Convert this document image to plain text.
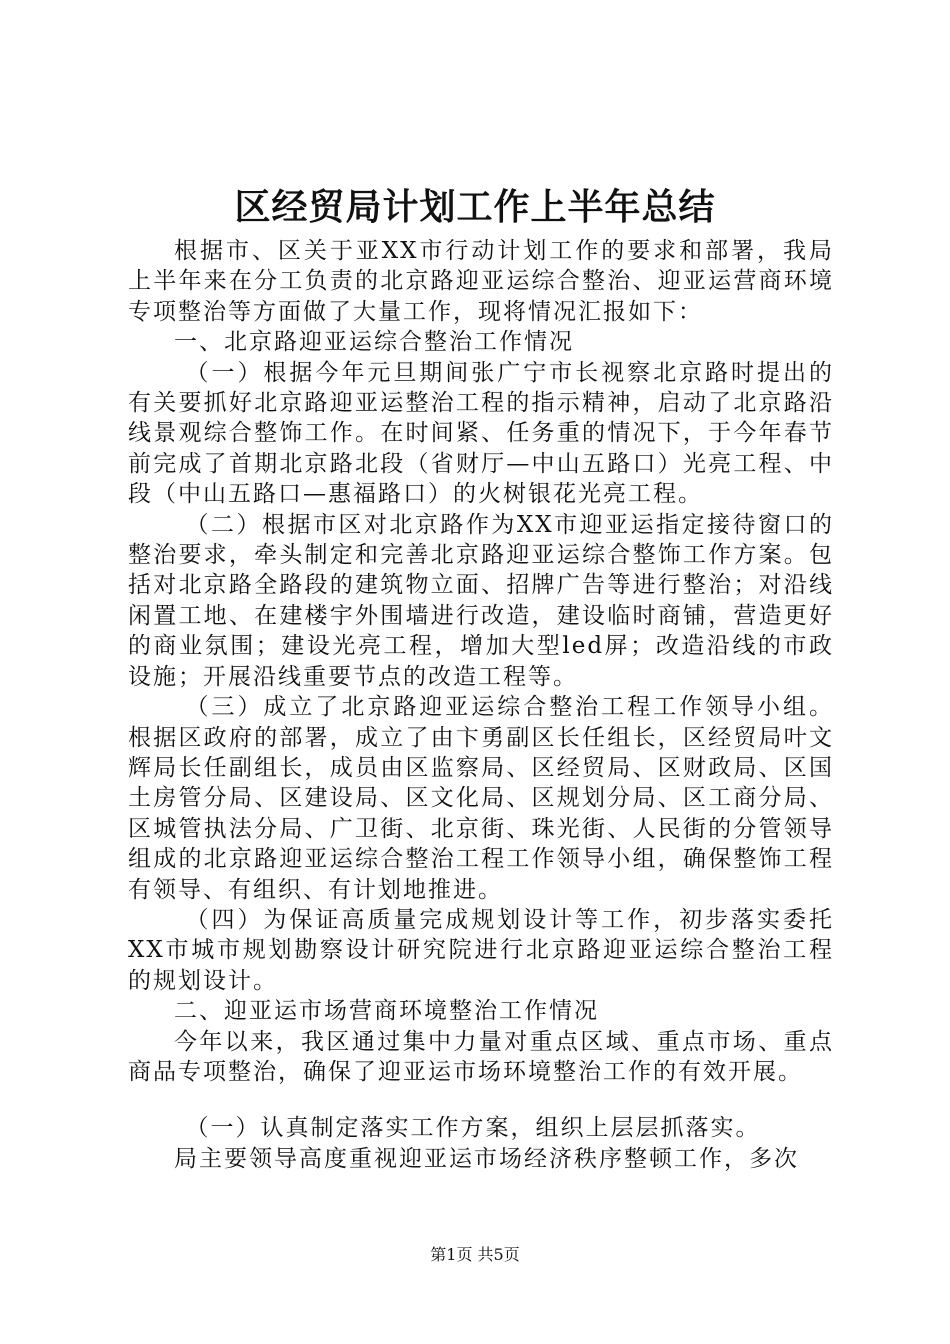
区经贸局计划工作上半年总结

根据市、区关于亚XX市行动计划工作的要求和部署，我局上半年来在分工负责的北京路迎亚运综合整治、迎亚运营商环境专项整治等方面做了大量工作，现将情况汇报如下：

一、北京路迎亚运综合整治工作情况

（一）根据今年元旦期间张广宁市长视察北京路时提出的有关要抓好北京路迎亚运整治工程的指示精神，启动了北京路沿线景观综合整饰工作。在时间紧、任务重的情况下，于今年春节前完成了首期北京路北段（省财厅—中山五路口）光亮工程、中段（中山五路口—惠福路口）的火树银花光亮工程。

（二）根据市区对北京路作为XX市迎亚运指定接待窗口的整治要求，牵头制定和完善北京路迎亚运综合整饰工作方案。包括对北京路全路段的建筑物立面、招牌广告等进行整治；对沿线闲置工地、在建楼宇外围墙进行改造，建设临时商铺，营造更好的商业氛围；建设光亮工程，增加大型led屏；改造沿线的市政设施；开展沿线重要节点的改造工程等。

（三）成立了北京路迎亚运综合整治工程工作领导小组。根据区政府的部署，成立了由卞勇副区长任组长，区经贸局叶文辉局长任副组长，成员由区监察局、区经贸局、区财政局、区国土房管分局、区建设局、区文化局、区规划分局、区工商分局、区城管执法分局、广卫街、北京街、珠光街、人民街的分管领导组成的北京路迎亚运综合整治工程工作领导小组，确保整饰工程有领导、有组织、有计划地推进。

（四）为保证高质量完成规划设计等工作，初步落实委托XX市城市规划勘察设计研究院进行北京路迎亚运综合整治工程的规划设计。

二、迎亚运市场营商环境整治工作情况

今年以来，我区通过集中力量对重点区域、重点市场、重点商品专项整治，确保了迎亚运市场环境整治工作的有效开展。

（一）认真制定落实工作方案，组织上层层抓落实。

局主要领导高度重视迎亚运市场经济秩序整顿工作，多次

第1页 共5页
